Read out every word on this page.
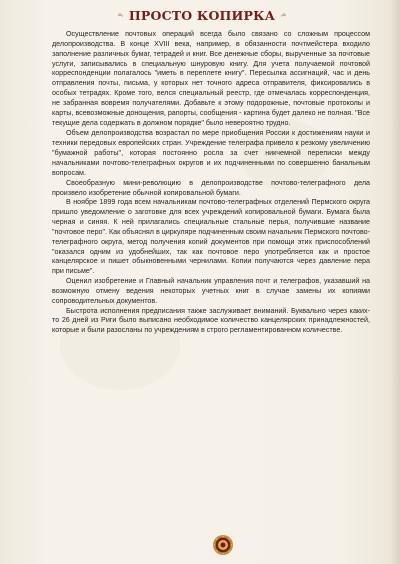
ПРОСТО КОПИРКА

Осуществление почтовых операций всегда было связано со сложным процессом делопроизводства. В конце XVIII века, например, в обязанности почтмейстера входило заполнение различных бумаг, тетрадей и книг. Все денежные сборы, вырученные за почтовые услуги, записывались в специальную шнуровую книгу. Для учета получаемой почтовой корреспонденции полагалось "иметь в переплете книгу". Пересылка ассигнаций, час и день отправления почты, письма, у которых нет точного адреса отправителя, фиксировались в особых тетрадях. Кроме того, велся специальный реестр, где отмечалась корреспонденция, не забранная вовремя получателями. Добавьте к этому подорожные, почтовые протоколы и карты, всевозможные донощения, рапорты, сообщения - картина будет далеко не полная. "Все текущие дела содержать в должном порядке" было невероятно трудно.

Объем делопроизводства возрастал по мере приобщения России к достижениям науки и техники передовых европейских стран. Учреждение телеграфа привело к резкому увеличению "бумажной работы", которая постоянно росла за счет никчемной переписки между начальниками почтово-телеграфных округов и их подчиненными по совершенно банальным вопросам.

Своеобразную мини-революцию в делопроизводстве почтово-телеграфного дела произвело изобретение обычной копировальной бумаги.

В ноябре 1899 года всем начальникам почтово-телеграфных отделений Пермского округа пришло уведомление о заготовке для всех учреждений копировальной бумаги. Бумага была черная и синяя. К ней прилагались специальные стальные перья, получившие название "почтовое перо". Как объяснял в циркуляре подчиненным своим начальник Пермского почтово-телеграфного округа, метод получения копий документов при помощи этих приспособлений "оказался одним из удобнейших, так как почтовое перо употребляется как и простое канцелярское и пишет обыкновенными чернилами. Копии получаются через давление пера при письме".

Оценил изобретение и Главный начальник управления почт и телеграфов, указавший на возможную отмену ведения некоторых учетных книг в случае замены их копиями сопроводительных документов.

Быстрота исполнения предписания также заслуживает вниманий. Буквально через каких-то 26 дней из Риги было выписано необходимое количество канцелярских принадлежностей, которые и были разосланы по учреждениям в строго регламентированном количестве.
